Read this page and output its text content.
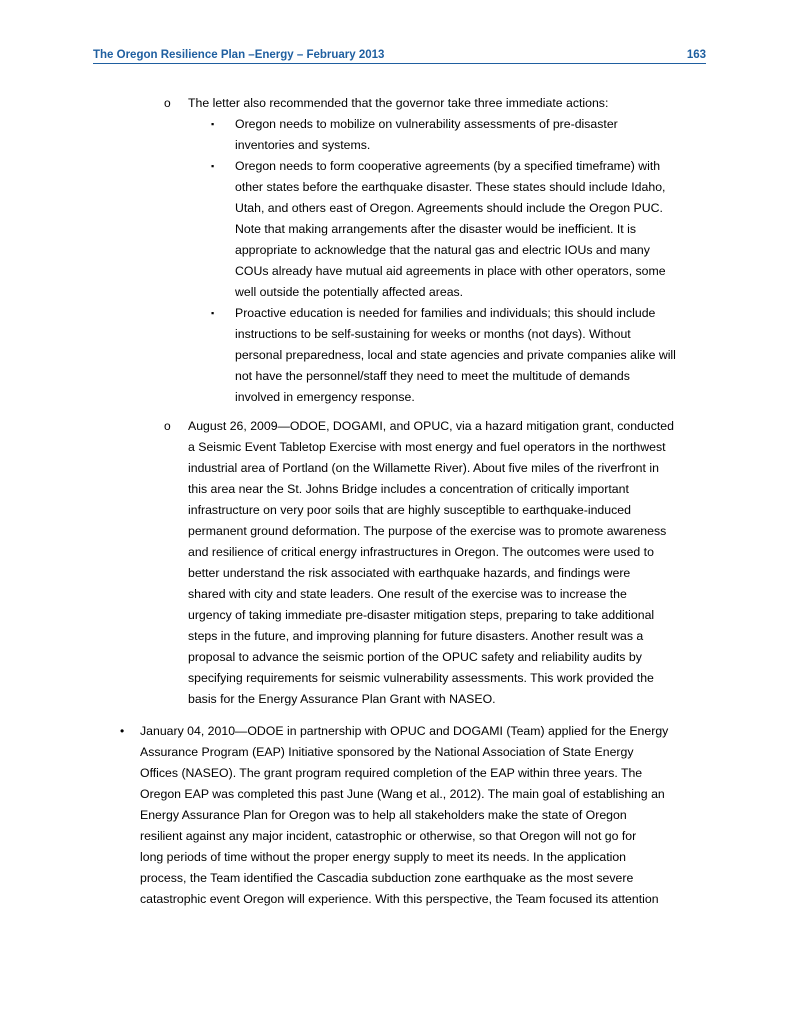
The Oregon Resilience Plan –Energy – February 2013	163
o The letter also recommended that the governor take three immediate actions:
▪ Oregon needs to mobilize on vulnerability assessments of pre-disaster
inventories and systems.
▪ Oregon needs to form cooperative agreements (by a specified timeframe) with
other states before the earthquake disaster. These states should include Idaho,
Utah, and others east of Oregon. Agreements should include the Oregon PUC.
Note that making arrangements after the disaster would be inefficient. It is
appropriate to acknowledge that the natural gas and electric IOUs and many
COUs already have mutual aid agreements in place with other operators, some
well outside the potentially affected areas.
▪ Proactive education is needed for families and individuals; this should include
instructions to be self-sustaining for weeks or months (not days). Without
personal preparedness, local and state agencies and private companies alike will
not have the personnel/staff they need to meet the multitude of demands
involved in emergency response.
o August 26, 2009—ODOE, DOGAMI, and OPUC, via a hazard mitigation grant, conducted
a Seismic Event Tabletop Exercise with most energy and fuel operators in the northwest
industrial area of Portland (on the Willamette River). About five miles of the riverfront in
this area near the St. Johns Bridge includes a concentration of critically important
infrastructure on very poor soils that are highly susceptible to earthquake-induced
permanent ground deformation. The purpose of the exercise was to promote awareness
and resilience of critical energy infrastructures in Oregon. The outcomes were used to
better understand the risk associated with earthquake hazards, and findings were
shared with city and state leaders. One result of the exercise was to increase the
urgency of taking immediate pre-disaster mitigation steps, preparing to take additional
steps in the future, and improving planning for future disasters. Another result was a
proposal to advance the seismic portion of the OPUC safety and reliability audits by
specifying requirements for seismic vulnerability assessments. This work provided the
basis for the Energy Assurance Plan Grant with NASEO.
• January 04, 2010—ODOE in partnership with OPUC and DOGAMI (Team) applied for the Energy
Assurance Program (EAP) Initiative sponsored by the National Association of State Energy
Offices (NASEO). The grant program required completion of the EAP within three years. The
Oregon EAP was completed this past June (Wang et al., 2012). The main goal of establishing an
Energy Assurance Plan for Oregon was to help all stakeholders make the state of Oregon
resilient against any major incident, catastrophic or otherwise, so that Oregon will not go for
long periods of time without the proper energy supply to meet its needs. In the application
process, the Team identified the Cascadia subduction zone earthquake as the most severe
catastrophic event Oregon will experience. With this perspective, the Team focused its attention
